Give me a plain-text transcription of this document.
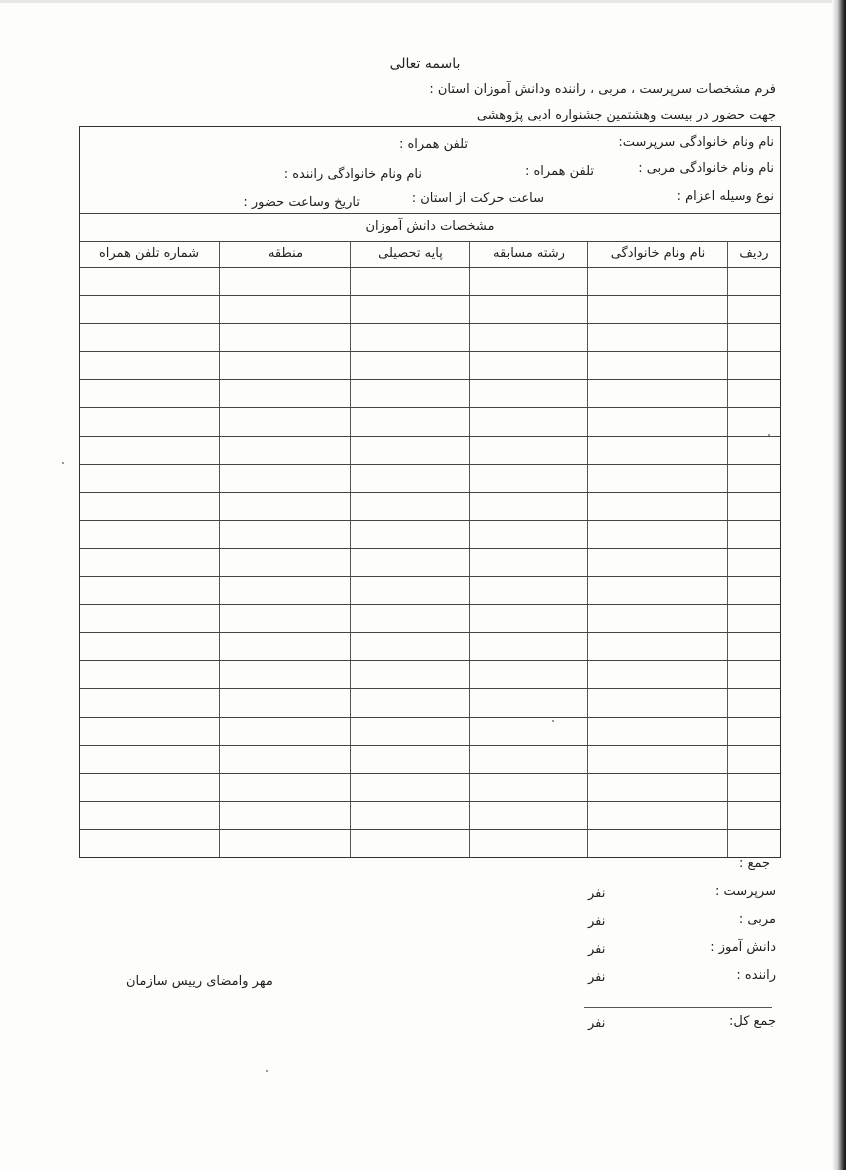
باسمه تعالی
فرم مشخصات سرپرست ، مربی ، راننده ودانش آموزان استان :
جهت حضور در بیست وهشتمین جشنواره ادبی پژوهشی
نام ونام خانوادگی سرپرست:
تلفن همراه :
نام ونام خانوادگی مربی :
تلفن همراه :
نام ونام خانوادگی راننده :
نوع وسیله اعزام :
ساعت حرکت از استان :
تاریخ وساعت حضور :
مشخصات دانش آموزان
ردیف
نام ونام خانوادگی
رشته مسابقه
پایه تحصیلی
منطقه
شماره تلفن همراه
جمع :
جمع کل:
نفر
مهر وامضای رییس سازمان
سرپرست :
نفر
مربی :
نفر
دانش آموز :
نفر
راننده :
نفر
